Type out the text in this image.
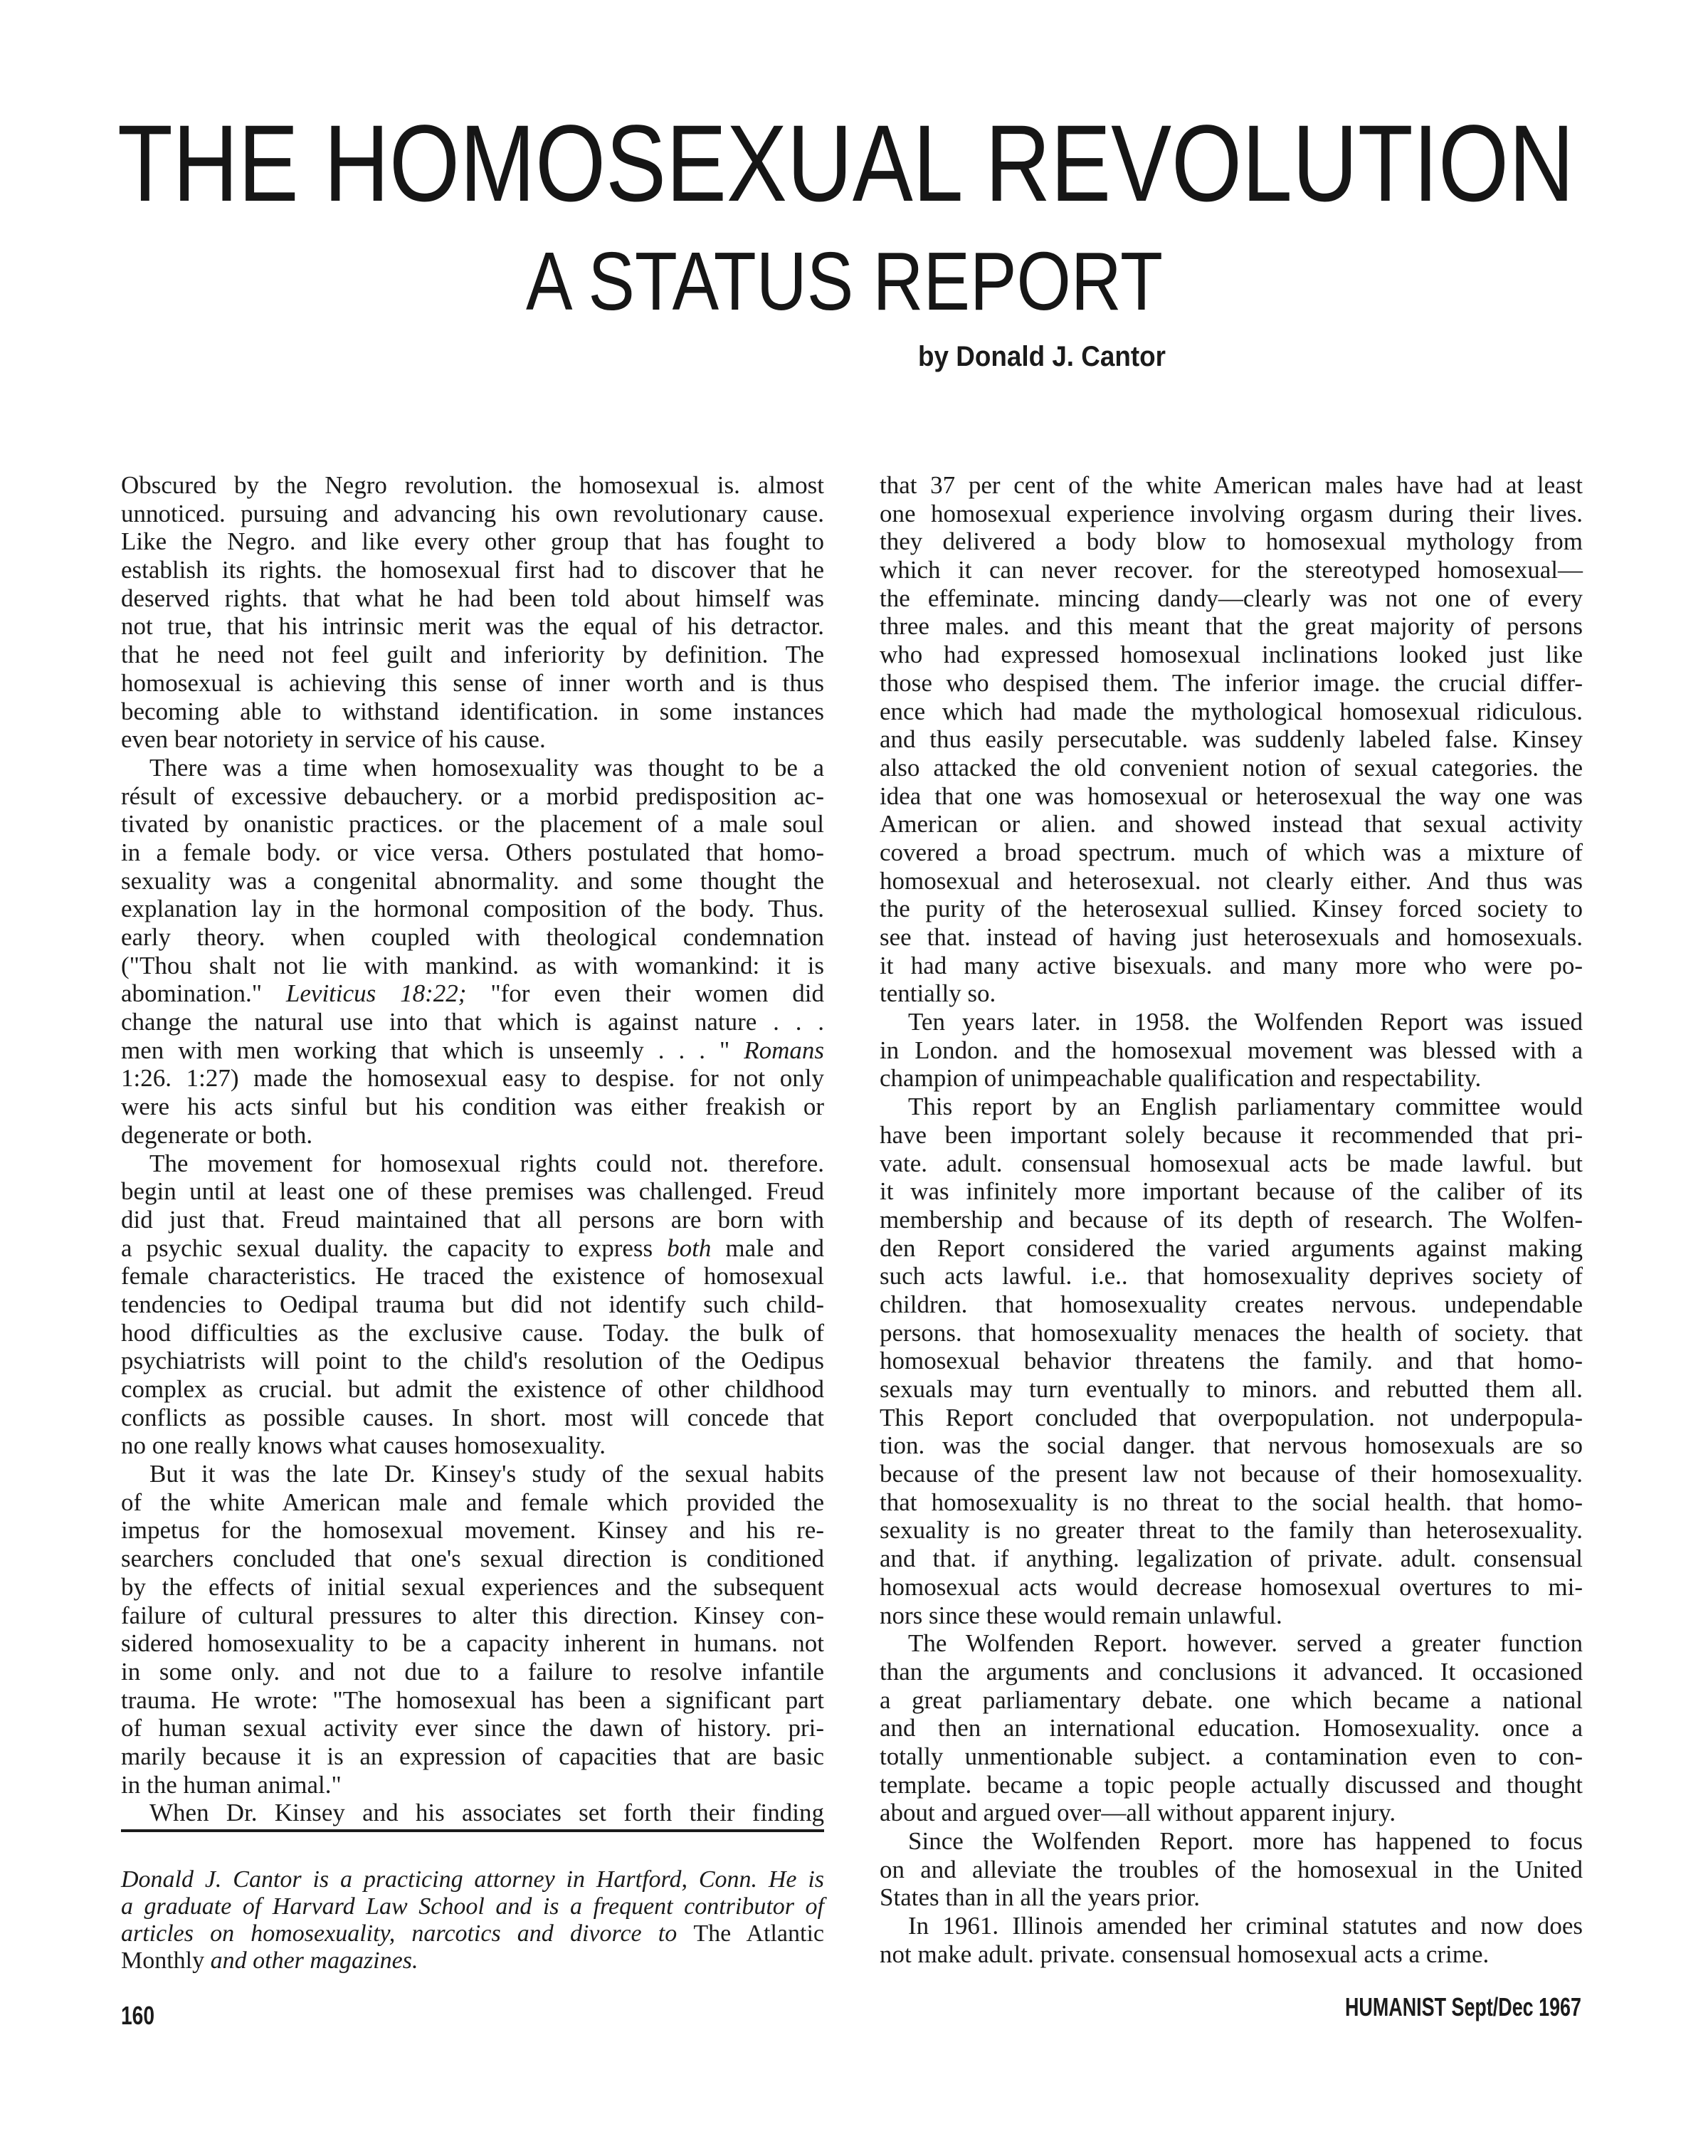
THE HOMOSEXUAL REVOLUTION
A STATUS REPORT
by Donald J. Cantor
Obscured by the Negro revolution. the homosexual is. almost
unnoticed. pursuing and advancing his own revolutionary cause.
Like the Negro. and like every other group that has fought to
establish its rights. the homosexual first had to discover that he
deserved rights. that what he had been told about himself was
not true, that his intrinsic merit was the equal of his detractor.
that he need not feel guilt and inferiority by definition. The
homosexual is achieving this sense of inner worth and is thus
becoming able to withstand identification. in some instances
even bear notoriety in service of his cause.
There was a time when homosexuality was thought to be a
résult of excessive debauchery. or a morbid predisposition ac-
tivated by onanistic practices. or the placement of a male soul
in a female body. or vice versa. Others postulated that homo-
sexuality was a congenital abnormality. and some thought the
explanation lay in the hormonal composition of the body. Thus.
early theory. when coupled with theological condemnation
("Thou shalt not lie with mankind. as with womankind: it is
abomination." Leviticus 18:22; "for even their women did
change the natural use into that which is against nature . . .
men with men working that which is unseemly . . . " Romans
1:26. 1:27) made the homosexual easy to despise. for not only
were his acts sinful but his condition was either freakish or
degenerate or both.
The movement for homosexual rights could not. therefore.
begin until at least one of these premises was challenged. Freud
did just that. Freud maintained that all persons are born with
a psychic sexual duality. the capacity to express both male and
female characteristics. He traced the existence of homosexual
tendencies to Oedipal trauma but did not identify such child-
hood difficulties as the exclusive cause. Today. the bulk of
psychiatrists will point to the child's resolution of the Oedipus
complex as crucial. but admit the existence of other childhood
conflicts as possible causes. In short. most will concede that
no one really knows what causes homosexuality.
But it was the late Dr. Kinsey's study of the sexual habits
of the white American male and female which provided the
impetus for the homosexual movement. Kinsey and his re-
searchers concluded that one's sexual direction is conditioned
by the effects of initial sexual experiences and the subsequent
failure of cultural pressures to alter this direction. Kinsey con-
sidered homosexuality to be a capacity inherent in humans. not
in some only. and not due to a failure to resolve infantile
trauma. He wrote: "The homosexual has been a significant part
of human sexual activity ever since the dawn of history. pri-
marily because it is an expression of capacities that are basic
in the human animal."
When Dr. Kinsey and his associates set forth their finding
that 37 per cent of the white American males have had at least
one homosexual experience involving orgasm during their lives.
they delivered a body blow to homosexual mythology from
which it can never recover. for the stereotyped homosexual—
the effeminate. mincing dandy—clearly was not one of every
three males. and this meant that the great majority of persons
who had expressed homosexual inclinations looked just like
those who despised them. The inferior image. the crucial differ-
ence which had made the mythological homosexual ridiculous.
and thus easily persecutable. was suddenly labeled false. Kinsey
also attacked the old convenient notion of sexual categories. the
idea that one was homosexual or heterosexual the way one was
American or alien. and showed instead that sexual activity
covered a broad spectrum. much of which was a mixture of
homosexual and heterosexual. not clearly either. And thus was
the purity of the heterosexual sullied. Kinsey forced society to
see that. instead of having just heterosexuals and homosexuals.
it had many active bisexuals. and many more who were po-
tentially so.
Ten years later. in 1958. the Wolfenden Report was issued
in London. and the homosexual movement was blessed with a
champion of unimpeachable qualification and respectability.
This report by an English parliamentary committee would
have been important solely because it recommended that pri-
vate. adult. consensual homosexual acts be made lawful. but
it was infinitely more important because of the caliber of its
membership and because of its depth of research. The Wolfen-
den Report considered the varied arguments against making
such acts lawful. i.e.. that homosexuality deprives society of
children. that homosexuality creates nervous. undependable
persons. that homosexuality menaces the health of society. that
homosexual behavior threatens the family. and that homo-
sexuals may turn eventually to minors. and rebutted them all.
This Report concluded that overpopulation. not underpopula-
tion. was the social danger. that nervous homosexuals are so
because of the present law not because of their homosexuality.
that homosexuality is no threat to the social health. that homo-
sexuality is no greater threat to the family than heterosexuality.
and that. if anything. legalization of private. adult. consensual
homosexual acts would decrease homosexual overtures to mi-
nors since these would remain unlawful.
The Wolfenden Report. however. served a greater function
than the arguments and conclusions it advanced. It occasioned
a great parliamentary debate. one which became a national
and then an international education. Homosexuality. once a
totally unmentionable subject. a contamination even to con-
template. became a topic people actually discussed and thought
about and argued over—all without apparent injury.
Since the Wolfenden Report. more has happened to focus
on and alleviate the troubles of the homosexual in the United
States than in all the years prior.
In 1961. Illinois amended her criminal statutes and now does
not make adult. private. consensual homosexual acts a crime.
Donald J. Cantor is a practicing attorney in Hartford, Conn. He is
a graduate of Harvard Law School and is a frequent contributor of
articles on homosexuality, narcotics and divorce to The Atlantic
Monthly and other magazines.
160	HUMANIST Sept/Dec 1967
